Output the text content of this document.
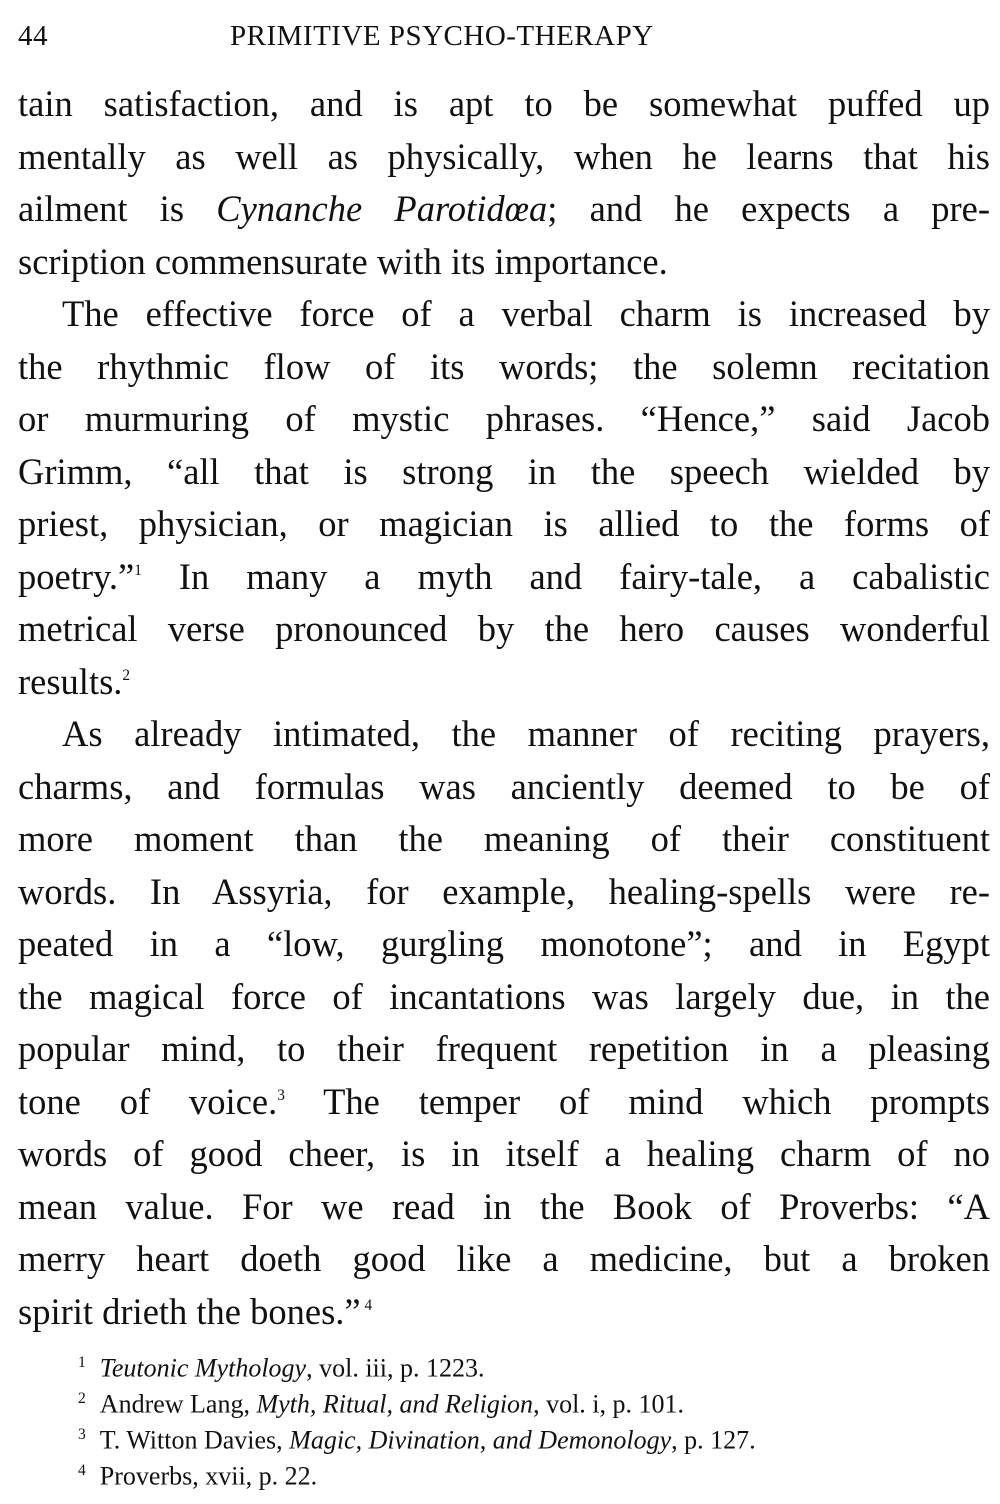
44	PRIMITIVE PSYCHO-THERAPY
tain satisfaction, and is apt to be somewhat puffed up
mentally as well as physically, when he learns that his
ailment is Cynanche Parotidœa; and he expects a pre-
scription commensurate with its importance.
The effective force of a verbal charm is increased by
the rhythmic flow of its words; the solemn recitation
or murmuring of mystic phrases. “Hence,” said Jacob
Grimm, “all that is strong in the speech wielded by
priest, physician, or magician is allied to the forms of
poetry.”$^1$ In many a myth and fairy-tale, a cabalistic
metrical verse pronounced by the hero causes wonderful
results.$^2$
As already intimated, the manner of reciting prayers,
charms, and formulas was anciently deemed to be of
more moment than the meaning of their constituent
words. In Assyria, for example, healing-spells were re-
peated in a “low, gurgling monotone”; and in Egypt
the magical force of incantations was largely due, in the
popular mind, to their frequent repetition in a pleasing
tone of voice.$^3$ The temper of mind which prompts
words of good cheer, is in itself a healing charm of no
mean value. For we read in the Book of Proverbs: “A
merry heart doeth good like a medicine, but a broken
spirit drieth the bones.” $^4$
$^1$ Teutonic Mythology, vol. iii, p. 1223.
$^2$ Andrew Lang, Myth, Ritual, and Religion, vol. i, p. 101.
$^3$ T. Witton Davies, Magic, Divination, and Demonology, p. 127.
$^4$ Proverbs, xvii, p. 22.
